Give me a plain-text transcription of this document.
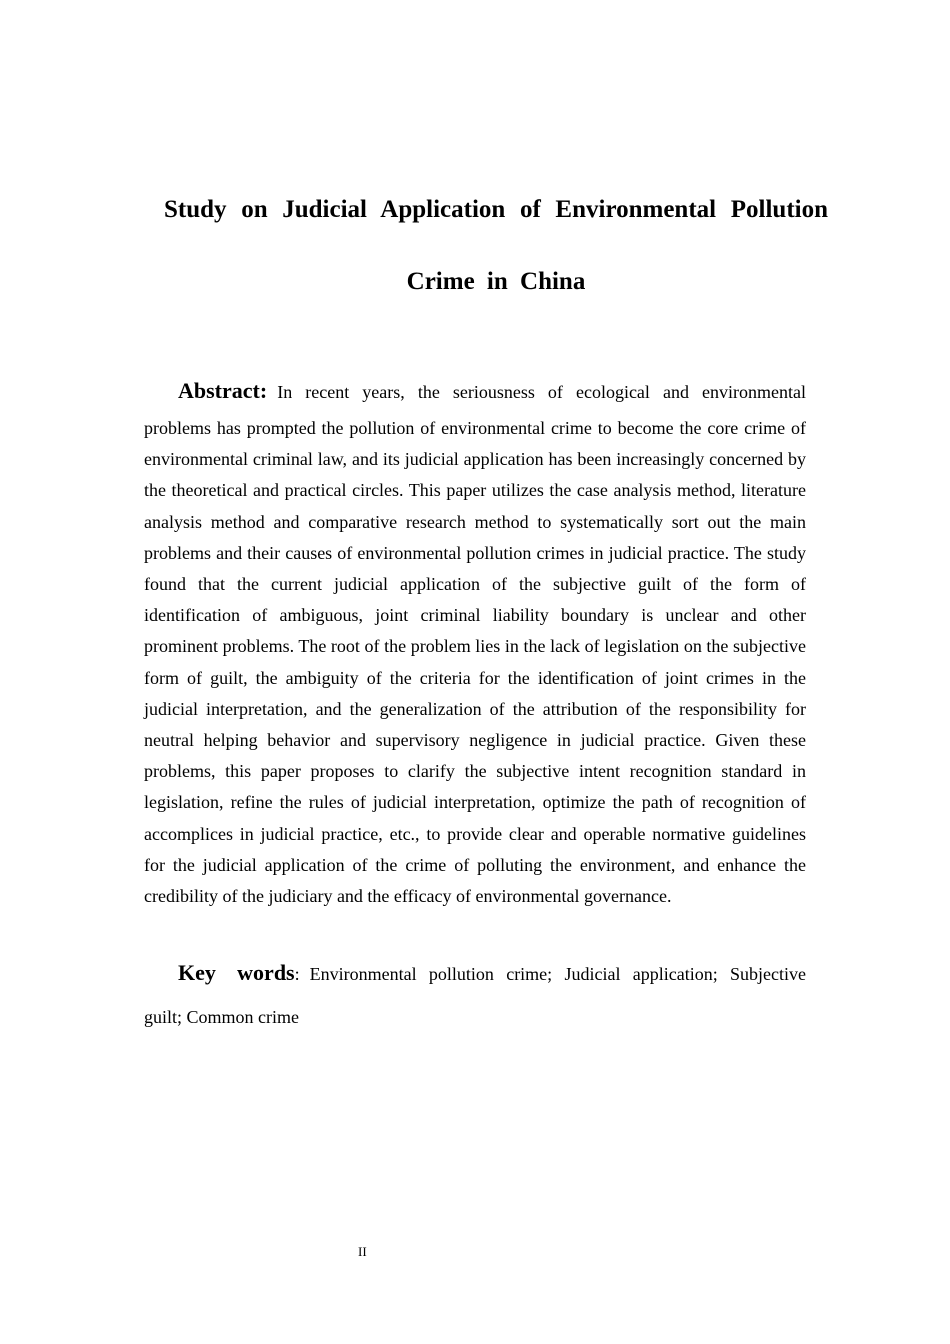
Study on Judicial Application of Environmental Pollution
Crime in China
Abstract: In recent years, the seriousness of ecological and environmental
problems has prompted the pollution of environmental crime to become the core crime of environmental criminal law, and its judicial application has been increasingly concerned by the theoretical and practical circles. This paper utilizes the case analysis method, literature analysis method and comparative research method to systematically sort out the main problems and their causes of environmental pollution crimes in judicial practice. The study found that the current judicial application of the subjective guilt of the form of identification of ambiguous, joint criminal liability boundary is unclear and other prominent problems. The root of the problem lies in the lack of legislation on the subjective form of guilt, the ambiguity of the criteria for the identification of joint crimes in the judicial interpretation, and the generalization of the attribution of the responsibility for neutral helping behavior and supervisory negligence in judicial practice. Given these problems, this paper proposes to clarify the subjective intent recognition standard in legislation, refine the rules of judicial interpretation, optimize the path of recognition of accomplices in judicial practice, etc., to provide clear and operable normative guidelines for the judicial application of the crime of polluting the environment, and enhance the credibility of the judiciary and the efficacy of environmental governance.
Key words: Environmental pollution crime; Judicial application; Subjective
guilt; Common crime
II
